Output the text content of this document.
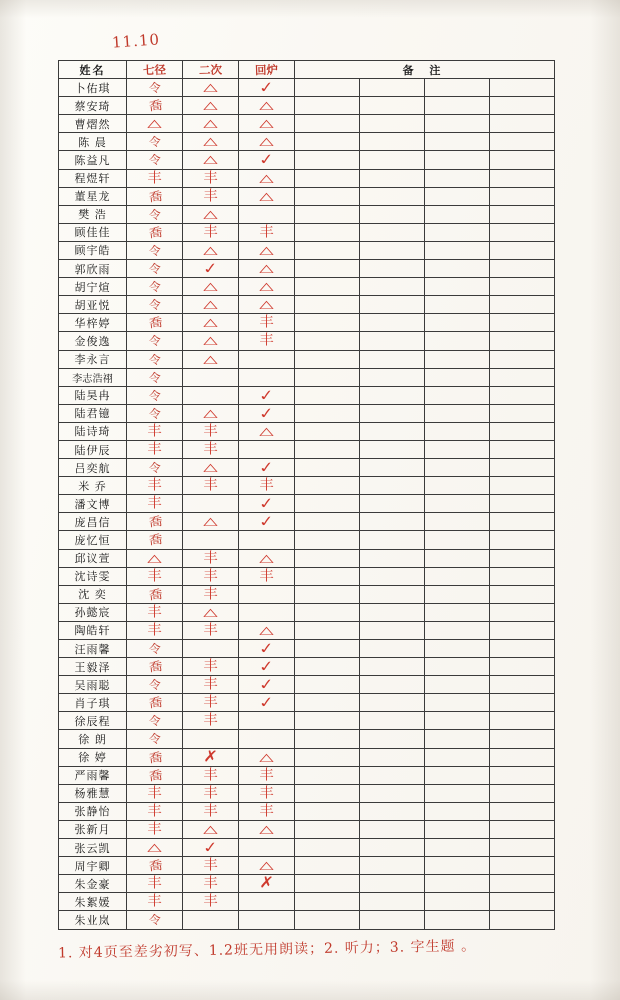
11.10
姓名	七径	二次	回炉	备 注			
卜佑琪	令	△	✓				

蔡安琦	喬	△	△				

曹熠然	△	△	△				

陈 晨	令	△	△				

陈益凡	令	△	✓				

程煜轩	丰	丰	△				

董星龙	喬	丰	△				

樊 浩	令	△					

顾佳佳	喬	丰	丰				

顾宇皓	令	△	△				

郭欣雨	令	✓	△				

胡宁煊	令	△	△				

胡亚悦	令	△	△				

华梓婷	喬	△	丰				

金俊逸	令	△	丰				

李永言	令	△					

李志浩祤	令						

陆昊冉	令		✓				

陆君镱	令	△	✓				

陆诗琦	丰	丰	△				

陆伊辰	丰	丰					

吕奕航	令	△	✓				

米 乔	丰	丰	丰				

潘文博	丰		✓				

庞昌信	喬	△	✓				

庞忆恒	喬						

邱议萱	△	丰	△				

沈诗雯	丰	丰	丰				

沈 奕	喬	丰					

孙懿宸	丰	△					

陶皓轩	丰	丰	△				

汪雨馨	令		✓				

王毅泽	喬	丰	✓				

吴雨聪	令	丰	✓				

肖子琪	喬	丰	✓				

徐辰程	令	丰					

徐 朗	令						

徐 婷	喬	✗	△				

严雨馨	喬	丰	丰				

杨雅慧	丰	丰	丰				

张静怡	丰	丰	丰				

张新月	丰	△	△				

张云凯	△	✓					

周宇卿	喬	丰	△				

朱金豪	丰	丰	✗				

朱絮媛	丰	丰					

朱业岚	令						

1. 对4⻚⾄差劣初写、1.2班⽆⽤朗读；2. 听⼒；3. 字⽣题 。
